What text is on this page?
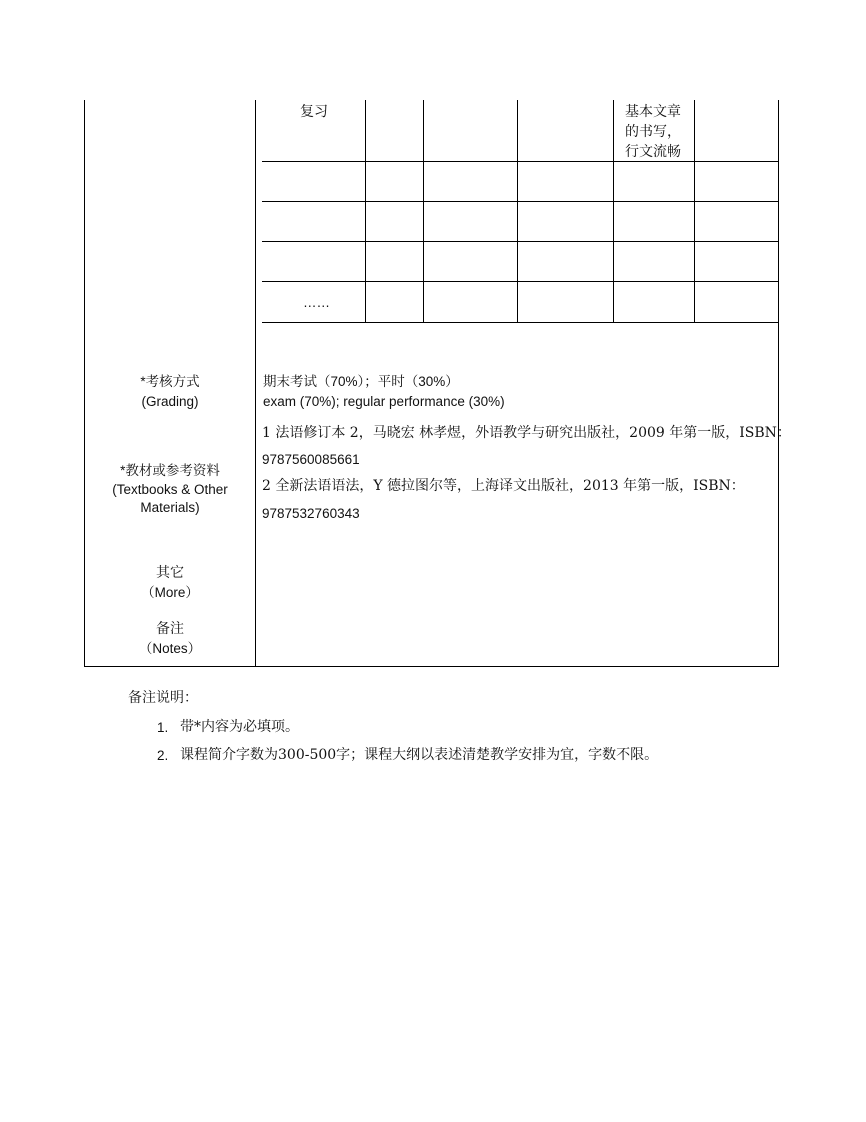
复习	基本文章
的书写，
行文流畅
……
*考核方式
(Grading)
期末考试（70%）；平时（30%）
exam (70%); regular performance (30%)
*教材或参考资料
(Textbooks & Other
Materials)
1 法语修订本 2，马晓宏 林孝煜，外语教学与研究出版社，2009 年第一版，ISBN：
9787560085661
2 全新法语语法，Y 德拉图尔等，上海译文出版社，2013 年第一版，ISBN：
9787532760343
其它
（More）
备注
（Notes）
备注说明：
1. 带*内容为必填项。
2. 课程简介字数为300-500字；课程大纲以表述清楚教学安排为宜，字数不限。
